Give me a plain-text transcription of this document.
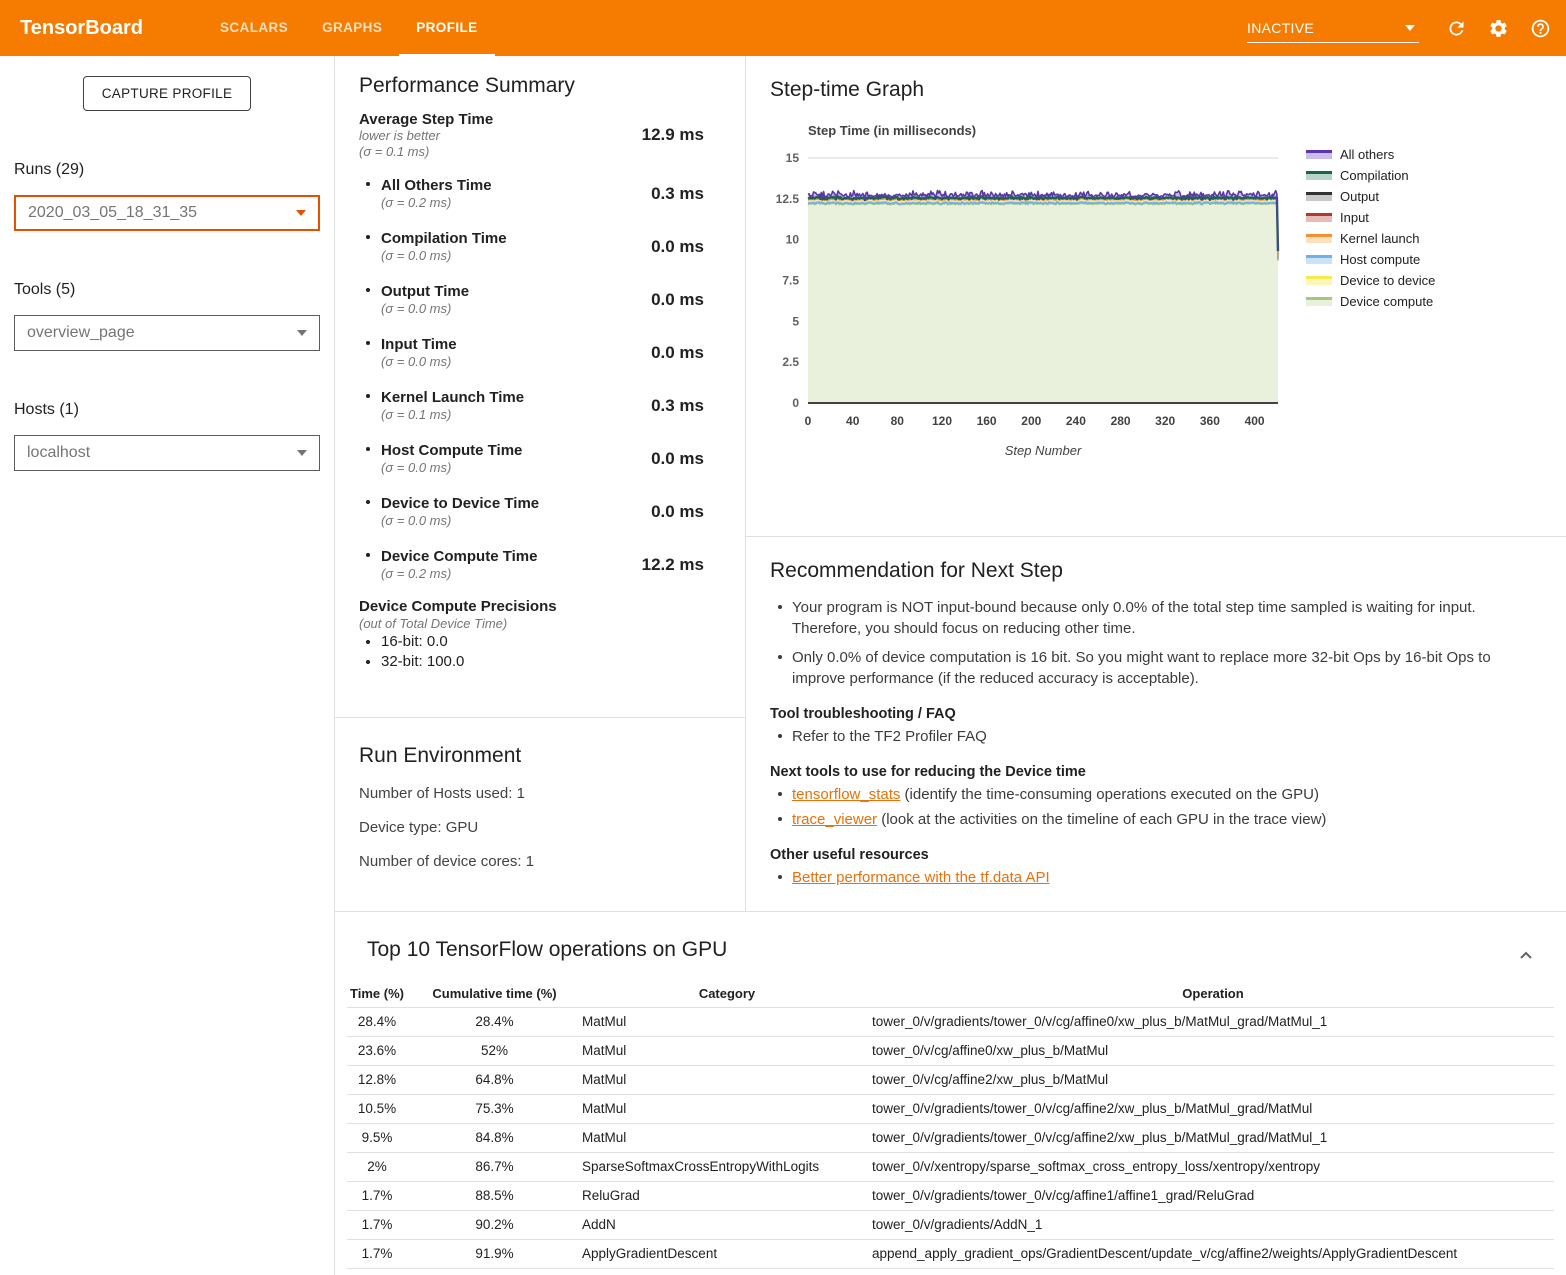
TensorBoard	SCALARS	GRAPHS	PROFILE	INACTIVE
CAPTURE PROFILE
Runs (29)
2020_03_05_18_31_35
Tools (5)
overview_page
Hosts (1)
localhost
Performance Summary
Average Step Time
lower is better
(σ = 0.1 ms)
12.9 ms
All Others Time
(σ = 0.2 ms)	0.3 ms
Compilation Time
(σ = 0.0 ms)	0.0 ms
Output Time
(σ = 0.0 ms)	0.0 ms
Input Time
(σ = 0.0 ms)	0.0 ms
Kernel Launch Time
(σ = 0.1 ms)	0.3 ms
Host Compute Time
(σ = 0.0 ms)	0.0 ms
Device to Device Time
(σ = 0.0 ms)	0.0 ms
Device Compute Time
(σ = 0.2 ms)	12.2 ms
Device Compute Precisions
(out of Total Device Time)
16-bit: 0.0
32-bit: 100.0
Run Environment

Number of Hosts used: 1

Device type: GPU

Number of device cores: 1

Step-time Graph
Step Time (in milliseconds)
0
2.5
5
7.5
10
12.5
15
0	40	80 120 160 200 240 280 320 360 400
Step Number
All others
Compilation
Output
Input
Kernel launch
Host compute
Device to device
Device compute
Recommendation for Next Step
Your program is NOT input-bound because only 0.0% of the total step time sampled is waiting for input. Therefore, you should focus on reducing other time.
Only 0.0% of device computation is 16 bit. So you might want to replace more 32-bit Ops by 16-bit Ops to improve performance (if the reduced accuracy is acceptable).
Tool troubleshooting / FAQ
Refer to the TF2 Profiler FAQ
Next tools to use for reducing the Device time
tensorflow_stats (identify the time-consuming operations executed on the GPU)
trace_viewer (look at the activities on the timeline of each GPU in the trace view)
Other useful resources
Better performance with the tf.data API
Top 10 TensorFlow operations on GPU
Time (%)	Cumulative time (%)	Category	Operation
28.4%	28.4%	MatMul	tower_0/v/gradients/tower_0/v/cg/affine0/xw_plus_b/MatMul_grad/MatMul_1
23.6%	52%	MatMul	tower_0/v/cg/affine0/xw_plus_b/MatMul
12.8%	64.8%	MatMul	tower_0/v/cg/affine2/xw_plus_b/MatMul
10.5%	75.3%	MatMul	tower_0/v/gradients/tower_0/v/cg/affine2/xw_plus_b/MatMul_grad/MatMul
9.5%	84.8%	MatMul	tower_0/v/gradients/tower_0/v/cg/affine2/xw_plus_b/MatMul_grad/MatMul_1
2%	86.7%	SparseSoftmaxCrossEntropyWithLogits	tower_0/v/xentropy/sparse_softmax_cross_entropy_loss/xentropy/xentropy
1.7%	88.5%	ReluGrad	tower_0/v/gradients/tower_0/v/cg/affine1/affine1_grad/ReluGrad
1.7%	90.2%	AddN	tower_0/v/gradients/AddN_1
1.7%	91.9%	ApplyGradientDescent	append_apply_gradient_ops/GradientDescent/update_v/cg/affine2/weights/ApplyGradientDescent
